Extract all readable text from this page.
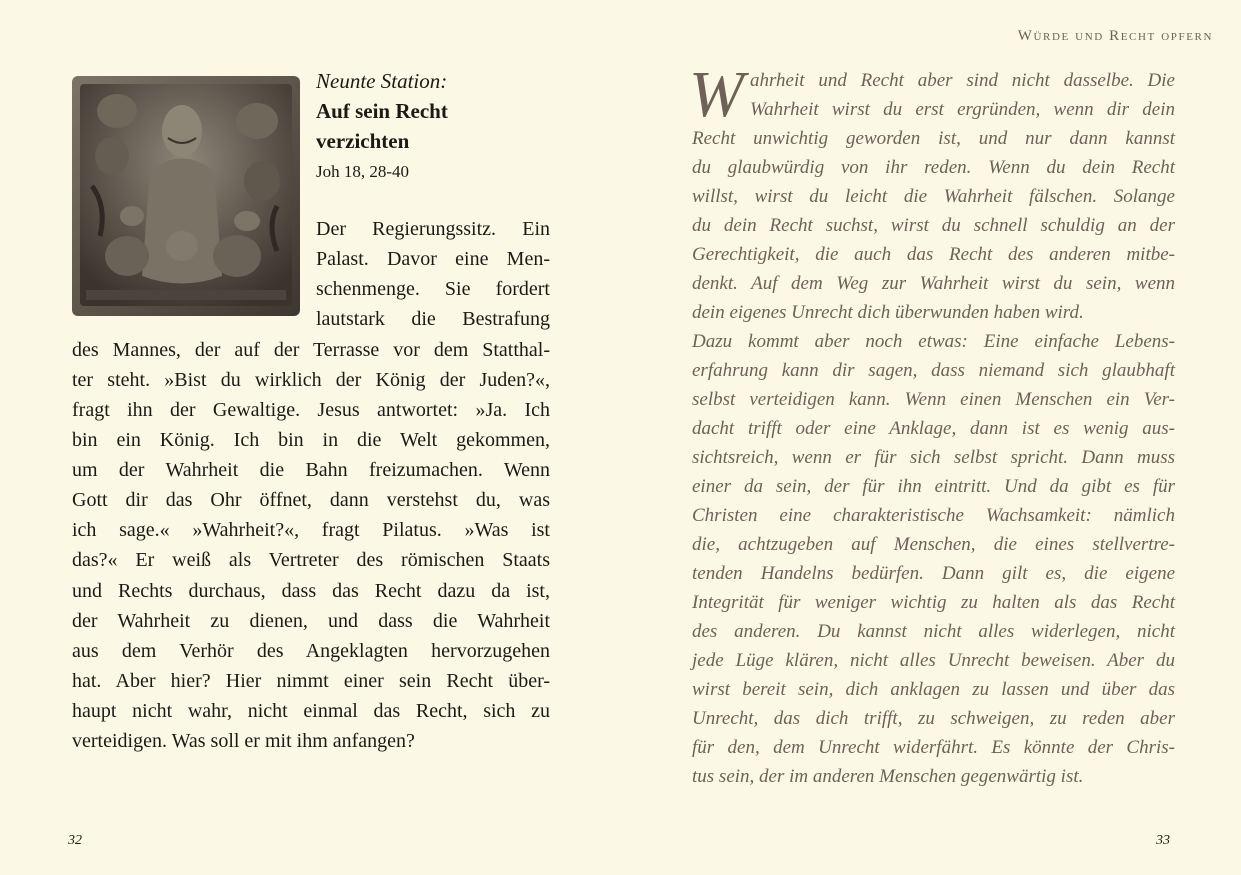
Neunte Station:
Auf sein Recht
verzichten
Joh 18, 28-40
Der Regierungssitz. Ein
Palast. Davor eine Men-
schenmenge. Sie fordert
lautstark die Bestrafung
des Mannes, der auf der Terrasse vor dem Statthal-
ter steht. »Bist du wirklich der König der Juden?«,
fragt ihn der Gewaltige. Jesus antwortet: »Ja. Ich
bin ein König. Ich bin in die Welt gekommen,
um der Wahrheit die Bahn freizumachen. Wenn
Gott dir das Ohr öffnet, dann verstehst du, was
ich sage.« »Wahrheit?«, fragt Pilatus. »Was ist
das?« Er weiß als Vertreter des römischen Staats
und Rechts durchaus, dass das Recht dazu da ist,
der Wahrheit zu dienen, und dass die Wahrheit
aus dem Verhör des Angeklagten hervorzugehen
hat. Aber hier? Hier nimmt einer sein Recht über-
haupt nicht wahr, nicht einmal das Recht, sich zu
verteidigen. Was soll er mit ihm anfangen?
32
Würde und Recht opfern
W ahrheit und Recht aber sind nicht dasselbe. Die
Wahrheit wirst du erst ergründen, wenn dir dein
Recht unwichtig geworden ist, und nur dann kannst
du glaubwürdig von ihr reden. Wenn du dein Recht
willst, wirst du leicht die Wahrheit fälschen. Solange
du dein Recht suchst, wirst du schnell schuldig an der
Gerechtigkeit, die auch das Recht des anderen mitbe-
denkt. Auf dem Weg zur Wahrheit wirst du sein, wenn
dein eigenes Unrecht dich überwunden haben wird.
Dazu kommt aber noch etwas: Eine einfache Lebens-
erfahrung kann dir sagen, dass niemand sich glaubhaft
selbst verteidigen kann. Wenn einen Menschen ein Ver-
dacht trifft oder eine Anklage, dann ist es wenig aus-
sichtsreich, wenn er für sich selbst spricht. Dann muss
einer da sein, der für ihn eintritt. Und da gibt es für
Christen eine charakteristische Wachsamkeit: nämlich
die, achtzugeben auf Menschen, die eines stellvertre-
tenden Handelns bedürfen. Dann gilt es, die eigene
Integrität für weniger wichtig zu halten als das Recht
des anderen. Du kannst nicht alles widerlegen, nicht
jede Lüge klären, nicht alles Unrecht beweisen. Aber du
wirst bereit sein, dich anklagen zu lassen und über das
Unrecht, das dich trifft, zu schweigen, zu reden aber
für den, dem Unrecht widerfährt. Es könnte der Chris-
tus sein, der im anderen Menschen gegenwärtig ist.
33
